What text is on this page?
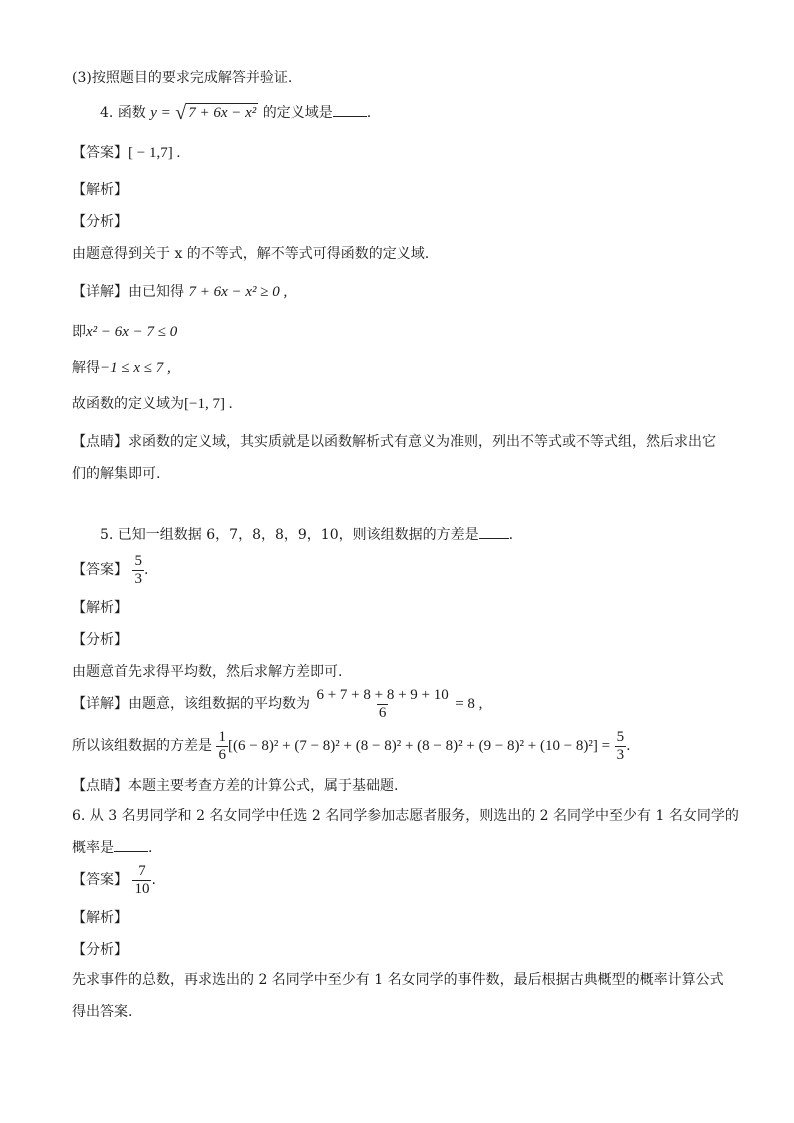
(3)按照题目的要求完成解答并验证.
4. 函数 y = √ 7 + 6x − x² 的定义域是 .
【答案】[ − 1,7] .
【解析】
【分析】
由题意得到关于 x 的不等式，解不等式可得函数的定义域.
【详解】由已知得 7 + 6x − x² ≥ 0 ,
即x² − 6x − 7 ≤ 0
解得−1 ≤ x ≤ 7 ,
故函数的定义域为[−1, 7] .
【点睛】求函数的定义域，其实质就是以函数解析式有意义为准则，列出不等式或不等式组，然后求出它
们的解集即可.
5. 已知一组数据 6，7，8，8，9，10，则该组数据的方差是 .
【答案】 $\frac{5}{3}$ .
【解析】
【分析】
由题意首先求得平均数，然后求解方差即可.
【详解】由题意，该组数据的平均数为 $\frac{6 + 7 + 8 + 8 + 9 + 10}{6} = 8$ ,
所以该组数据的方差是 $\frac{1}{6} [(6 - 8)^2 + (7 - 8)^2 + (8 - 8)^2 + (8 - 8)^2 + (9 - 8)^2 + (10 - 8)^2] = \frac{5}{3}$ .
【点睛】本题主要考查方差的计算公式，属于基础题.
6. 从 3 名男同学和 2 名女同学中任选 2 名同学参加志愿者服务，则选出的 2 名同学中至少有 1 名女同学的
概率是 .
【答案】 $\frac{7}{10}$ .
【解析】
【分析】
先求事件的总数，再求选出的 2 名同学中至少有 1 名女同学的事件数，最后根据古典概型的概率计算公式
得出答案.
